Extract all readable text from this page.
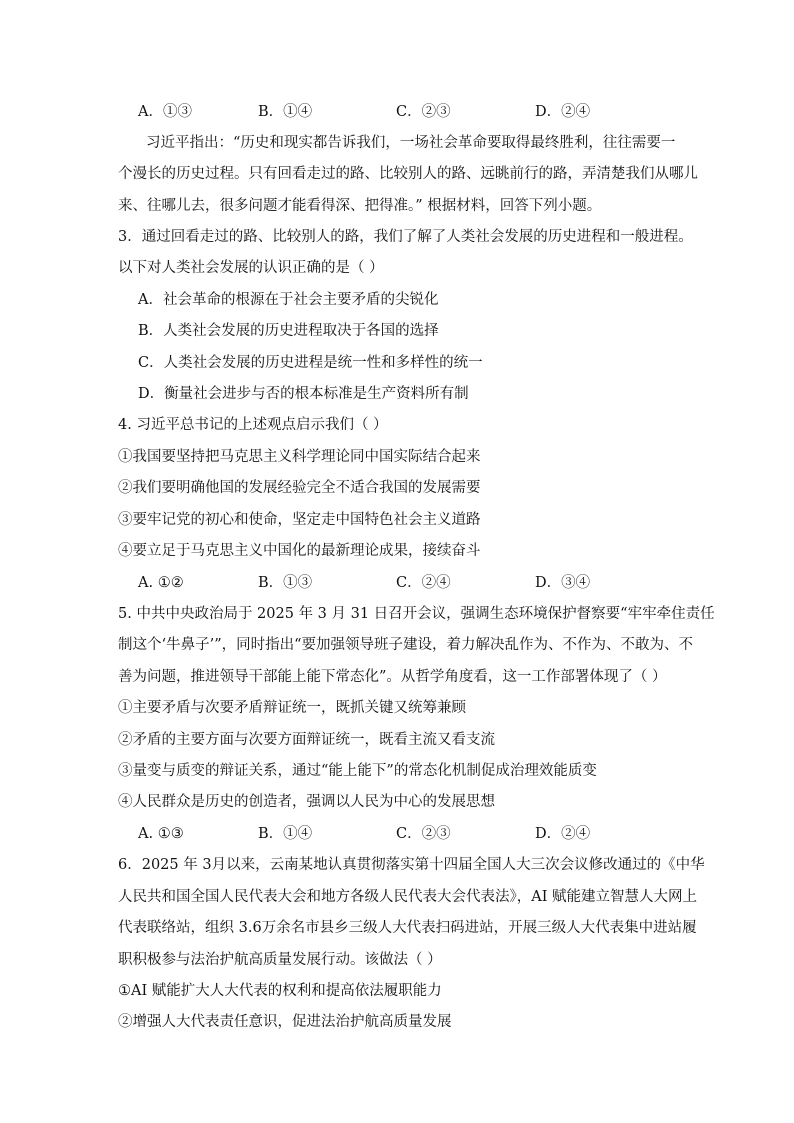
A．①③	B．①④	C．②③	D．②④
习近平指出：“历史和现实都告诉我们，一场社会革命要取得最终胜利，往往需要一
个漫长的历史过程。只有回看走过的路、比较别人的路、远眺前行的路，弄清楚我们从哪儿
来、往哪儿去，很多问题才能看得深、把得准。” 根据材料，回答下列小题。
3．通过回看走过的路、比较别人的路，我们了解了人类社会发展的历史进程和一般进程。
以下对人类社会发展的认识正确的是（ ）
A．社会革命的根源在于社会主要矛盾的尖锐化
B．人类社会发展的历史进程取决于各国的选择
C．人类社会发展的历史进程是统一性和多样性的统一
D．衡量社会进步与否的根本标准是生产资料所有制
4. 习近平总书记的上述观点启示我们（ ）
①我国要坚持把马克思主义科学理论同中国实际结合起来
②我们要明确他国的发展经验完全不适合我国的发展需要
③要牢记党的初心和使命，坚定走中国特色社会主义道路
④要立足于马克思主义中国化的最新理论成果，接续奋斗
A. ①②	B．①③	C．②④	D．③④
5. 中共中央政治局于 2025 年 3 月 31 日召开会议，强调生态环境保护督察要“牢牢牵住责任
制这个‘牛鼻子’”，同时指出“要加强领导班子建设，着力解决乱作为、不作为、不敢为、不
善为问题，推进领导干部能上能下常态化”。从哲学角度看，这一工作部署体现了（ ）
①主要矛盾与次要矛盾辩证统一，既抓关键又统筹兼顾
②矛盾的主要方面与次要方面辩证统一，既看主流又看支流
③量变与质变的辩证关系，通过“能上能下”的常态化机制促成治理效能质变
④人民群众是历史的创造者，强调以人民为中心的发展思想
A. ①③	B．①④	C．②③	D．②④
6．2025 年 3月以来，云南某地认真贯彻落实第十四届全国人大三次会议修改通过的《中华
人民共和国全国人民代表大会和地方各级人民代表大会代表法》，AI 赋能建立智慧人大网上
代表联络站，组织 3.6万余名市县乡三级人大代表扫码进站，开展三级人大代表集中进站履
职积极参与法治护航高质量发展行动。该做法（ ）
①AI 赋能扩大人大代表的权利和提高依法履职能力
②增强人大代表责任意识，促进法治护航高质量发展
